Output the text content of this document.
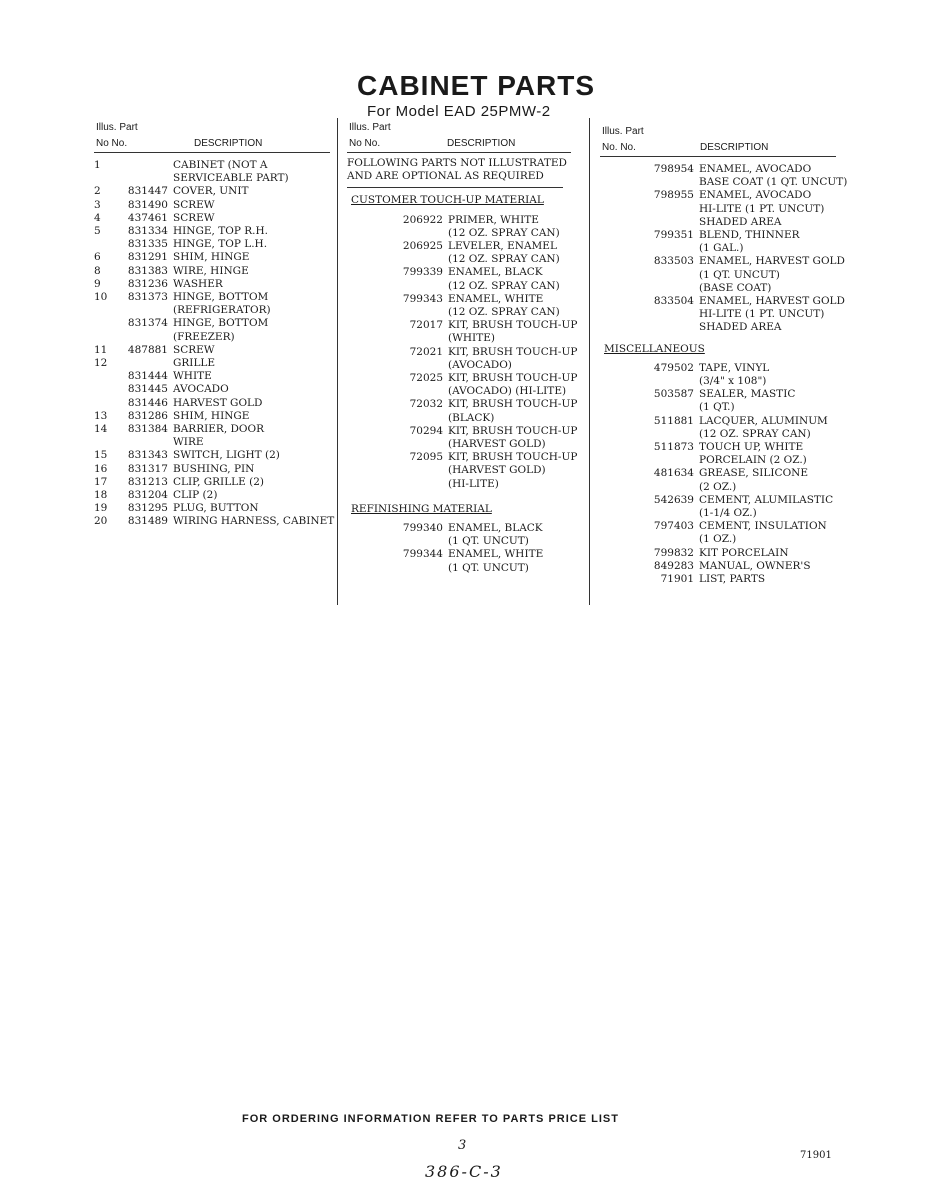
CABINET PARTS
For Model EAD 25PMW-2
Illus. Part
No No.	DESCRIPTION
1	CABINET (NOT A
SERVICEABLE PART)
2	831447 COVER, UNIT
3	831490 SCREW
4	437461 SCREW
5	831334 HINGE, TOP R.H.
831335 HINGE, TOP L.H.
6	831291 SHIM, HINGE
8	831383 WIRE, HINGE
9	831236 WASHER
10	831373 HINGE, BOTTOM
(REFRIGERATOR)
831374 HINGE, BOTTOM
(FREEZER)
11	487881 SCREW
12	GRILLE
831444 WHITE
831445 AVOCADO
831446 HARVEST GOLD
13	831286 SHIM, HINGE
14	831384 BARRIER, DOOR
WIRE
15	831343 SWITCH, LIGHT (2)
16	831317 BUSHING, PIN
17	831213 CLIP, GRILLE (2)
18	831204 CLIP (2)
19	831295 PLUG, BUTTON
20	831489 WIRING HARNESS, CABINET
Illus. Part
No No.	DESCRIPTION
FOLLOWING PARTS NOT ILLUSTRATED
AND ARE OPTIONAL AS REQUIRED
CUSTOMER TOUCH-UP MATERIAL
206922 PRIMER, WHITE
(12 OZ. SPRAY CAN)
206925 LEVELER, ENAMEL
(12 OZ. SPRAY CAN)
799339 ENAMEL, BLACK
(12 OZ. SPRAY CAN)
799343 ENAMEL, WHITE
(12 OZ. SPRAY CAN)
72017 KIT, BRUSH TOUCH-UP
(WHITE)
72021 KIT, BRUSH TOUCH-UP
(AVOCADO)
72025 KIT, BRUSH TOUCH-UP
(AVOCADO) (HI-LITE)
72032 KIT, BRUSH TOUCH-UP
(BLACK)
70294 KIT, BRUSH TOUCH-UP
(HARVEST GOLD)
72095 KIT, BRUSH TOUCH-UP
(HARVEST GOLD)
(HI-LITE)
REFINISHING MATERIAL
799340 ENAMEL, BLACK
(1 QT. UNCUT)
799344 ENAMEL, WHITE
(1 QT. UNCUT)
Illus. Part
No. No.	DESCRIPTION
798954 ENAMEL, AVOCADO
BASE COAT (1 QT. UNCUT)
798955 ENAMEL, AVOCADO
HI-LITE (1 PT. UNCUT)
SHADED AREA
799351 BLEND, THINNER
(1 GAL.)
833503 ENAMEL, HARVEST GOLD
(1 QT. UNCUT)
(BASE COAT)
833504 ENAMEL, HARVEST GOLD
HI-LITE (1 PT. UNCUT)
SHADED AREA
MISCELLANEOUS
479502 TAPE, VINYL
(3/4" x 108")
503587 SEALER, MASTIC
(1 QT.)
511881 LACQUER, ALUMINUM
(12 OZ. SPRAY CAN)
511873 TOUCH UP, WHITE
PORCELAIN (2 OZ.)
481634 GREASE, SILICONE
(2 OZ.)
542639 CEMENT, ALUMILASTIC
(1-1/4 OZ.)
797403 CEMENT, INSULATION
(1 OZ.)
799832 KIT PORCELAIN
849283 MANUAL, OWNER'S
71901 LIST, PARTS
FOR ORDERING INFORMATION REFER TO PARTS PRICE LIST
3
386-C-3
71901
